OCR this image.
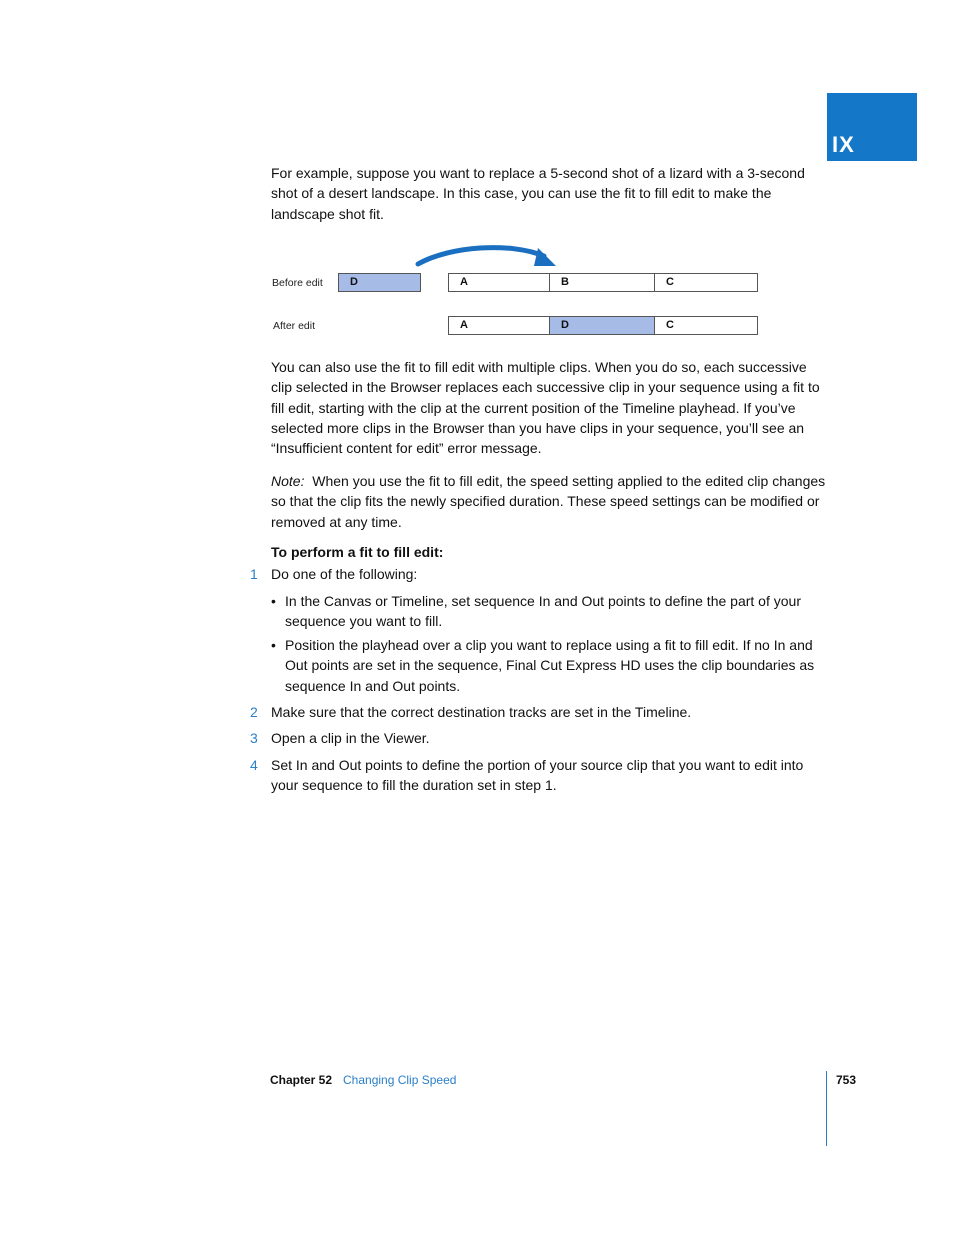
IX

For example, suppose you want to replace a 5-second shot of a lizard with a 3-second shot of a desert landscape. In this case, you can use the fit to fill edit to make the landscape shot fit.

Before edit	D	A	B	C
After edit	A	D	C

You can also use the fit to fill edit with multiple clips. When you do so, each successive clip selected in the Browser replaces each successive clip in your sequence using a fit to fill edit, starting with the clip at the current position of the Timeline playhead. If you’ve selected more clips in the Browser than you have clips in your sequence, you’ll see an “Insufficient content for edit” error message.

Note: When you use the fit to fill edit, the speed setting applied to the edited clip changes so that the clip fits the newly specified duration. These speed settings can be modified or removed at any time.

To perform a fit to fill edit:
1 Do one of the following:

• In the Canvas or Timeline, set sequence In and Out points to define the part of your sequence you want to fill.

• Position the playhead over a clip you want to replace using a fit to fill edit. If no In and Out points are set in the sequence, Final Cut Express HD uses the clip boundaries as sequence In and Out points.

2 Make sure that the correct destination tracks are set in the Timeline.

3 Open a clip in the Viewer.

4 Set In and Out points to define the portion of your source clip that you want to edit into your sequence to fill the duration set in step 1.

Chapter 52 Changing Clip Speed	753
